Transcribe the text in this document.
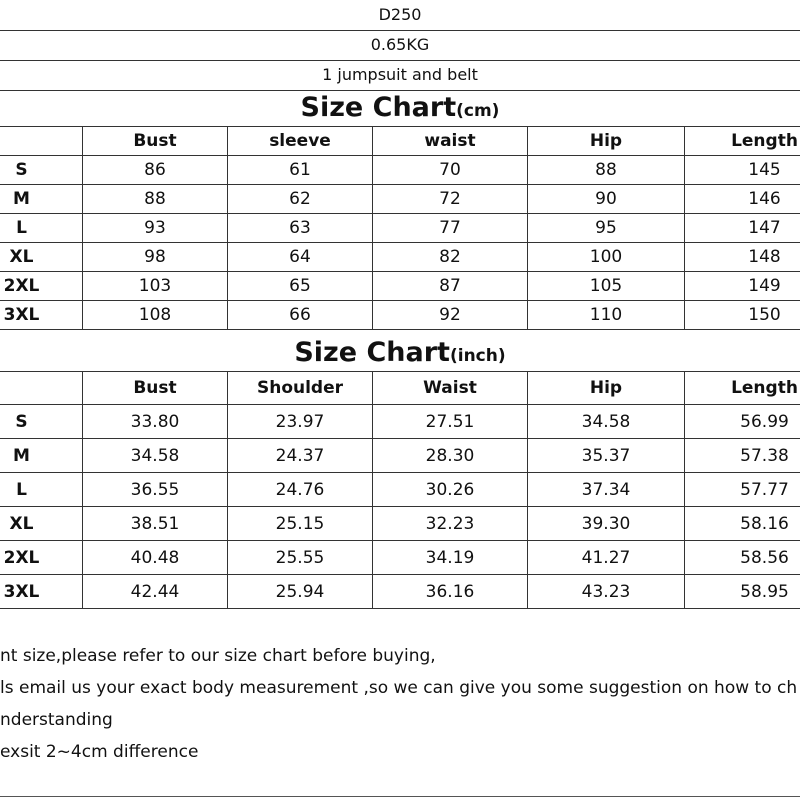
D250
0.65KG
1 jumpsuit and belt
Size Chart(cm)
	Bust	sleeve	waist	Hip	Length
S	86	61	70	88	145
M	88	62	72	90	146
L	93	63	77	95	147
XL	98	64	82	100	148
2XL	103	65	87	105	149
3XL	108	66	92	110	150
Size Chart(inch)
	Bust	Shoulder	Waist	Hip	Length
S	33.80	23.97	27.51	34.58	56.99
M	34.58	24.37	28.30	35.37	57.38
L	36.55	24.76	30.26	37.34	57.77
XL	38.51	25.15	32.23	39.30	58.16
2XL	40.48	25.55	34.19	41.27	58.56
3XL	42.44	25.94	36.16	43.23	58.95
nt size,please refer to our size chart before buying,
ls email us your exact body measurement ,so we can give you some suggestion on how to ch
nderstanding
exsit 2~4cm difference
